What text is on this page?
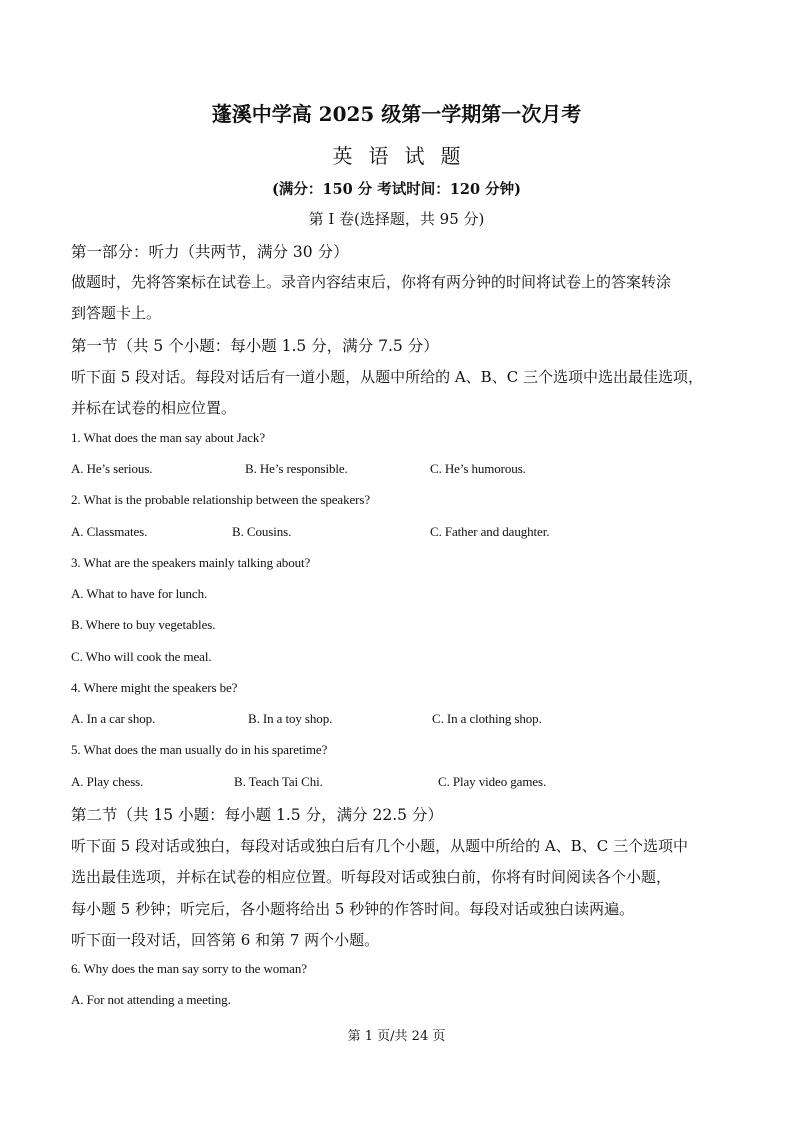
蓬溪中学高 2025 级第一学期第一次月考
英语试题
(满分：150 分 考试时间：120 分钟)
第 I 卷(选择题，共 95 分)
第一部分：听力（共两节，满分 30 分）
做题时，先将答案标在试卷上。录音内容结束后，你将有两分钟的时间将试卷上的答案转涂
到答题卡上。
第一节（共 5 个小题：每小题 1.5 分，满分 7.5 分）
听下面 5 段对话。每段对话后有一道小题，从题中所给的 A、B、C 三个选项中选出最佳选项，
并标在试卷的相应位置。
1. What does the man say about Jack?
A. He’s serious.	B. He’s responsible.	C. He’s humorous.
2. What is the probable relationship between the speakers?
A. Classmates.	B. Cousins.	C. Father and daughter.
3. What are the speakers mainly talking about?
A. What to have for lunch.
B. Where to buy vegetables.
C. Who will cook the meal.
4. Where might the speakers be?
A. In a car shop.	B. In a toy shop.	C. In a clothing shop.
5. What does the man usually do in his sparetime?
A. Play chess.	B. Teach Tai Chi.	C. Play video games.
第二节（共 15 小题：每小题 1.5 分，满分 22.5 分）
听下面 5 段对话或独白，每段对话或独白后有几个小题，从题中所给的 A、B、C 三个选项中
选出最佳选项，并标在试卷的相应位置。听每段对话或独白前，你将有时间阅读各个小题，
每小题 5 秒钟；听完后，各小题将给出 5 秒钟的作答时间。每段对话或独白读两遍。
听下面一段对话，回答第 6 和第 7 两个小题。
6. Why does the man say sorry to the woman?
A. For not attending a meeting.
第 1 页/共 24 页
